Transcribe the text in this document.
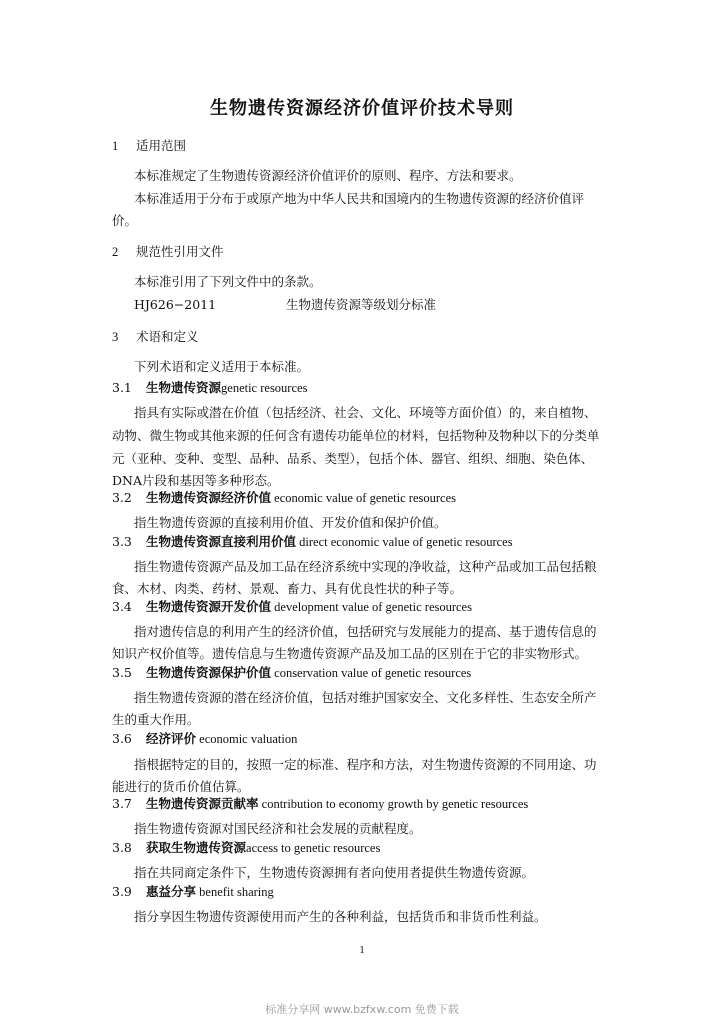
生物遗传资源经济价值评价技术导则
1 适用范围
本标准规定了生物遗传资源经济价值评价的原则、程序、方法和要求。
本标准适用于分布于或原产地为中华人民共和国境内的生物遗传资源的经济价值评
价。
2 规范性引用文件
本标准引用了下列文件中的条款。
HJ626−2011	生物遗传资源等级划分标准
3 术语和定义
下列术语和定义适用于本标准。
3.1 生物遗传资源genetic resources
指具有实际或潜在价值（包括经济、社会、文化、环境等方面价值）的，来自植物、
动物、微生物或其他来源的任何含有遗传功能单位的材料，包括物种及物种以下的分类单
元（亚种、变种、变型、品种、品系、类型），包括个体、器官、组织、细胞、染色体、
DNA片段和基因等多种形态。
3.2 生物遗传资源经济价值 economic value of genetic resources
指生物遗传资源的直接利用价值、开发价值和保护价值。
3.3 生物遗传资源直接利用价值 direct economic value of genetic resources
指生物遗传资源产品及加工品在经济系统中实现的净收益，这种产品或加工品包括粮
食、木材、肉类、药材、景观、畜力、具有优良性状的种子等。
3.4 生物遗传资源开发价值 development value of genetic resources
指对遗传信息的利用产生的经济价值，包括研究与发展能力的提高、基于遗传信息的
知识产权价值等。遗传信息与生物遗传资源产品及加工品的区别在于它的非实物形式。
3.5 生物遗传资源保护价值 conservation value of genetic resources
指生物遗传资源的潜在经济价值，包括对维护国家安全、文化多样性、生态安全所产
生的重大作用。
3.6 经济评价 economic valuation
指根据特定的目的，按照一定的标准、程序和方法，对生物遗传资源的不同用途、功
能进行的货币价值估算。
3.7 生物遗传资源贡献率 contribution to economy growth by genetic resources
指生物遗传资源对国民经济和社会发展的贡献程度。
3.8 获取生物遗传资源access to genetic resources
指在共同商定条件下，生物遗传资源拥有者向使用者提供生物遗传资源。
3.9 惠益分享 benefit sharing
指分享因生物遗传资源使用而产生的各种利益，包括货币和非货币性利益。
1
标准分享网 www.bzfxw.com 免费下载
